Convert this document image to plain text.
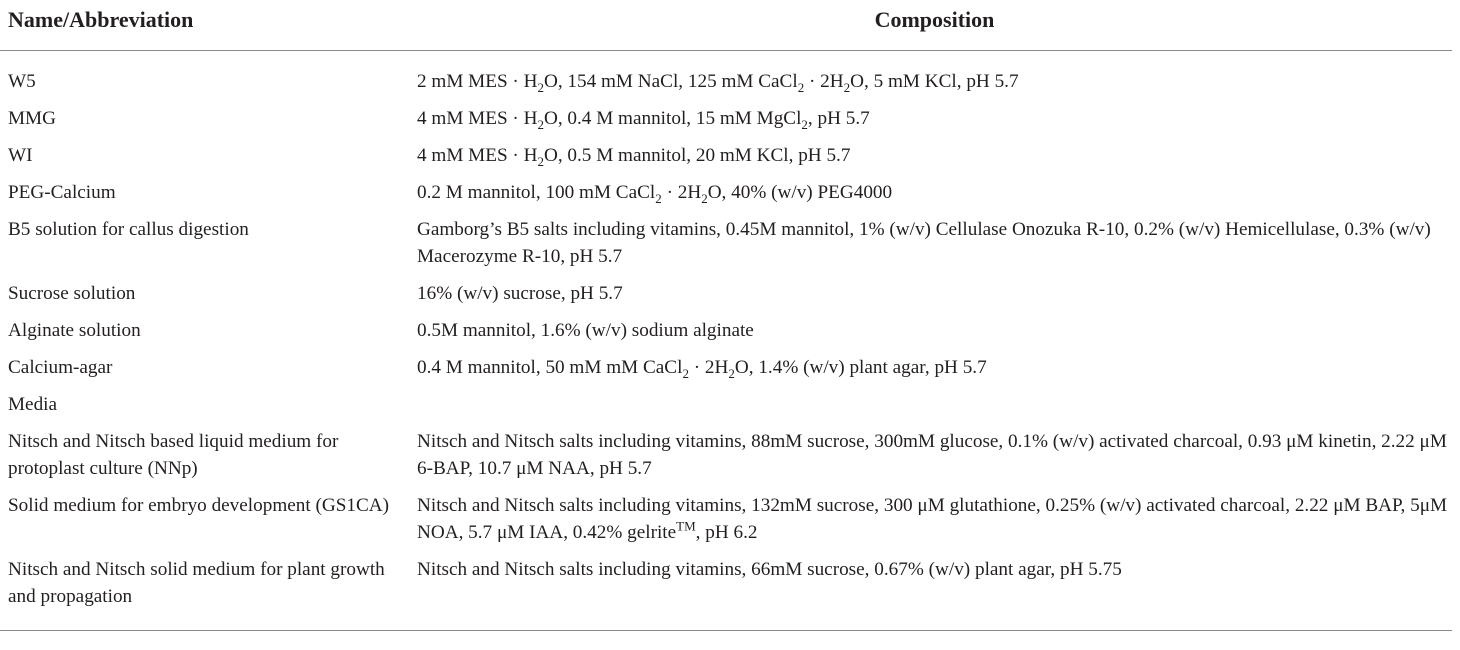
Name/Abbreviation	Composition
W5	2 mM MES · $H_2O$, 154 mM NaCl, 125 mM CaCl$_2$ · $2H_2O$, 5 mM KCl, pH 5.7
MMG	4 mM MES · $H_2O$, 0.4 M mannitol, 15 mM MgCl$_2$, pH 5.7
WI	4 mM MES · $H_2O$, 0.5 M mannitol, 20 mM KCl, pH 5.7
PEG-Calcium	0.2 M mannitol, 100 mM CaCl$_2$ · $2H_2O$, 40% (w/v) PEG4000
B5 solution for callus digestion	Gamborg’s B5 salts including vitamins, 0.45M mannitol, 1% (w/v) Cellulase Onozuka R-10, 0.2% (w/v) Hemicellulase, 0.3% (w/v) Macerozyme R-10, pH 5.7
Sucrose solution	16% (w/v) sucrose, pH 5.7
Alginate solution	0.5M mannitol, 1.6% (w/v) sodium alginate
Calcium-agar	0.4 M mannitol, 50 mM mM CaCl$_2$ · $2H_2O$, 1.4% (w/v) plant agar, pH 5.7
Media	
Nitsch and Nitsch based liquid medium for protoplast culture (NNp)	Nitsch and Nitsch salts including vitamins, 88mM sucrose, 300mM glucose, 0.1% (w/v) activated charcoal, 0.93 μM kinetin, 2.22 μM 6-BAP, 10.7 μM NAA, pH 5.7
Solid medium for embryo development (GS1CA)	Nitsch and Nitsch salts including vitamins, 132mM sucrose, 300 μM glutathione, 0.25% (w/v) activated charcoal, 2.22 μM BAP, 5μM NOA, 5.7 μM IAA, 0.42% gelrite™, pH 6.2
Nitsch and Nitsch solid medium for plant growth and propagation	Nitsch and Nitsch salts including vitamins, 66mM sucrose, 0.67% (w/v) plant agar, pH 5.75
